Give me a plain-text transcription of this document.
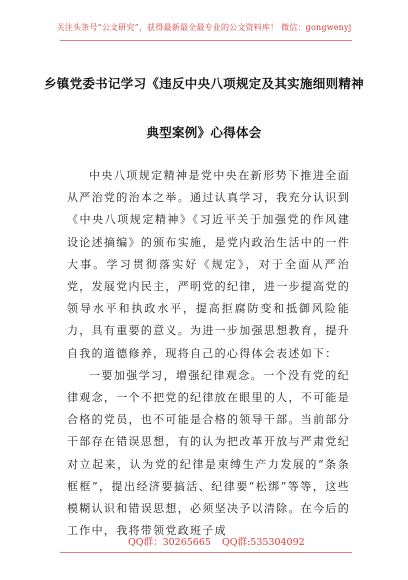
关注头条号“公文研究”，获得最新最全最专业的公文资料库！ 微信：gongwenyj
乡镇党委书记学习《违反中央八项规定及其实施细则精神
典型案例》心得体会

中央八项规定精神是党中央在新形势下推进全面从严治党的治本之举。通过认真学习，我充分认识到《中央八项规定精神》《习近平关于加强党的作风建设论述摘编》的颁布实施，是党内政治生活中的一件大事。学习贯彻落实好《规定》，对于全面从严治党，发展党内民主，严明党的纪律，进一步提高党的领导水平和执政水平，提高拒腐防变和抵御风险能力，具有重要的意义。为进一步加强思想教育，提升自我的道德修养，现将自己的心得体会表述如下：

一要加强学习，增强纪律观念。一个没有党的纪律观念，一个不把党的纪律放在眼里的人，不可能是合格的党员，也不可能是合格的领导干部。当前部分干部存在错误思想，有的认为把改革开放与严肃党纪对立起来，认为党的纪律是束缚生产力发展的“条条框框”，提出经济要搞活、纪律要“松绑”等等，这些模糊认识和错误思想，必须坚决予以清除。在今后的工作中，我将带领党政班子成

QQ群：30265665 QQ群:535304092
